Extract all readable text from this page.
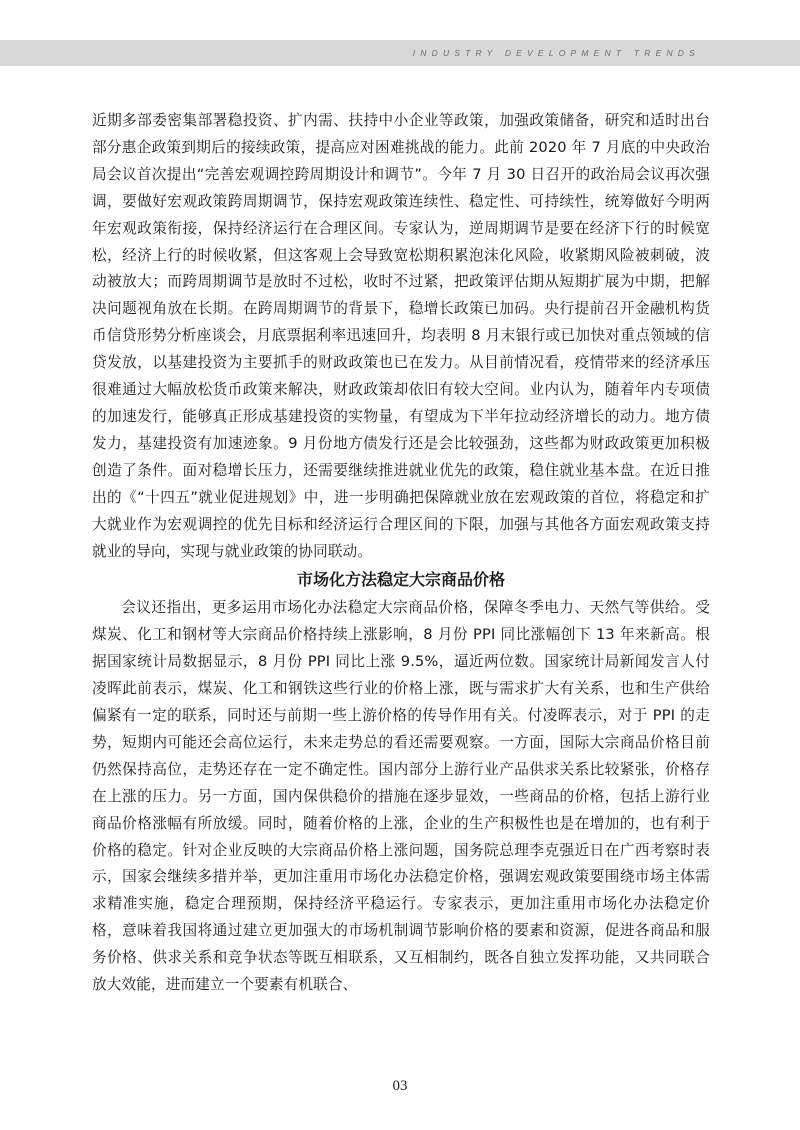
INDUSTRY DEVELOPMENT TRENDS

近期多部委密集部署稳投资、扩内需、扶持中小企业等政策，加强政策储备，研究和适时出台部分惠企政策到期后的接续政策，提高应对困难挑战的能力。此前 2020 年 7 月底的中央政治局会议首次提出“完善宏观调控跨周期设计和调节”。今年 7 月 30 日召开的政治局会议再次强调，要做好宏观政策跨周期调节，保持宏观政策连续性、稳定性、可持续性，统筹做好今明两年宏观政策衔接，保持经济运行在合理区间。专家认为，逆周期调节是要在经济下行的时候宽松，经济上行的时候收紧，但这客观上会导致宽松期积累泡沫化风险，收紧期风险被刺破，波动被放大；而跨周期调节是放时不过松，收时不过紧，把政策评估期从短期扩展为中期，把解决问题视角放在长期。在跨周期调节的背景下，稳增长政策已加码。央行提前召开金融机构货币信贷形势分析座谈会，月底票据利率迅速回升，均表明 8 月末银行或已加快对重点领域的信贷发放，以基建投资为主要抓手的财政政策也已在发力。从目前情况看，疫情带来的经济承压很难通过大幅放松货币政策来解决，财政政策却依旧有较大空间。业内认为，随着年内专项债的加速发行，能够真正形成基建投资的实物量，有望成为下半年拉动经济增长的动力。地方债发力，基建投资有加速迹象。9 月份地方债发行还是会比较强劲，这些都为财政政策更加积极创造了条件。面对稳增长压力，还需要继续推进就业优先的政策，稳住就业基本盘。在近日推出的《“十四五”就业促进规划》中，进一步明确把保障就业放在宏观政策的首位，将稳定和扩大就业作为宏观调控的优先目标和经济运行合理区间的下限，加强与其他各方面宏观政策支持就业的导向，实现与就业政策的协同联动。

市场化方法稳定大宗商品价格

会议还指出，更多运用市场化办法稳定大宗商品价格，保障冬季电力、天然气等供给。受煤炭、化工和钢材等大宗商品价格持续上涨影响，8 月份 PPI 同比涨幅创下 13 年来新高。根据国家统计局数据显示，8 月份 PPI 同比上涨 9.5%，逼近两位数。国家统计局新闻发言人付凌晖此前表示，煤炭、化工和钢铁这些行业的价格上涨，既与需求扩大有关系，也和生产供给偏紧有一定的联系，同时还与前期一些上游价格的传导作用有关。付凌晖表示，对于 PPI 的走势，短期内可能还会高位运行，未来走势总的看还需要观察。一方面，国际大宗商品价格目前仍然保持高位，走势还存在一定不确定性。国内部分上游行业产品供求关系比较紧张，价格存在上涨的压力。另一方面，国内保供稳价的措施在逐步显效，一些商品的价格，包括上游行业商品价格涨幅有所放缓。同时，随着价格的上涨，企业的生产积极性也是在增加的，也有利于价格的稳定。针对企业反映的大宗商品价格上涨问题，国务院总理李克强近日在广西考察时表示，国家会继续多措并举，更加注重用市场化办法稳定价格，强调宏观政策要围绕市场主体需求精准实施，稳定合理预期，保持经济平稳运行。专家表示，更加注重用市场化办法稳定价格，意味着我国将通过建立更加强大的市场机制调节影响价格的要素和资源，促进各商品和服务价格、供求关系和竞争状态等既互相联系，又互相制约，既各自独立发挥功能，又共同联合放大效能，进而建立一个要素有机联合、

03
